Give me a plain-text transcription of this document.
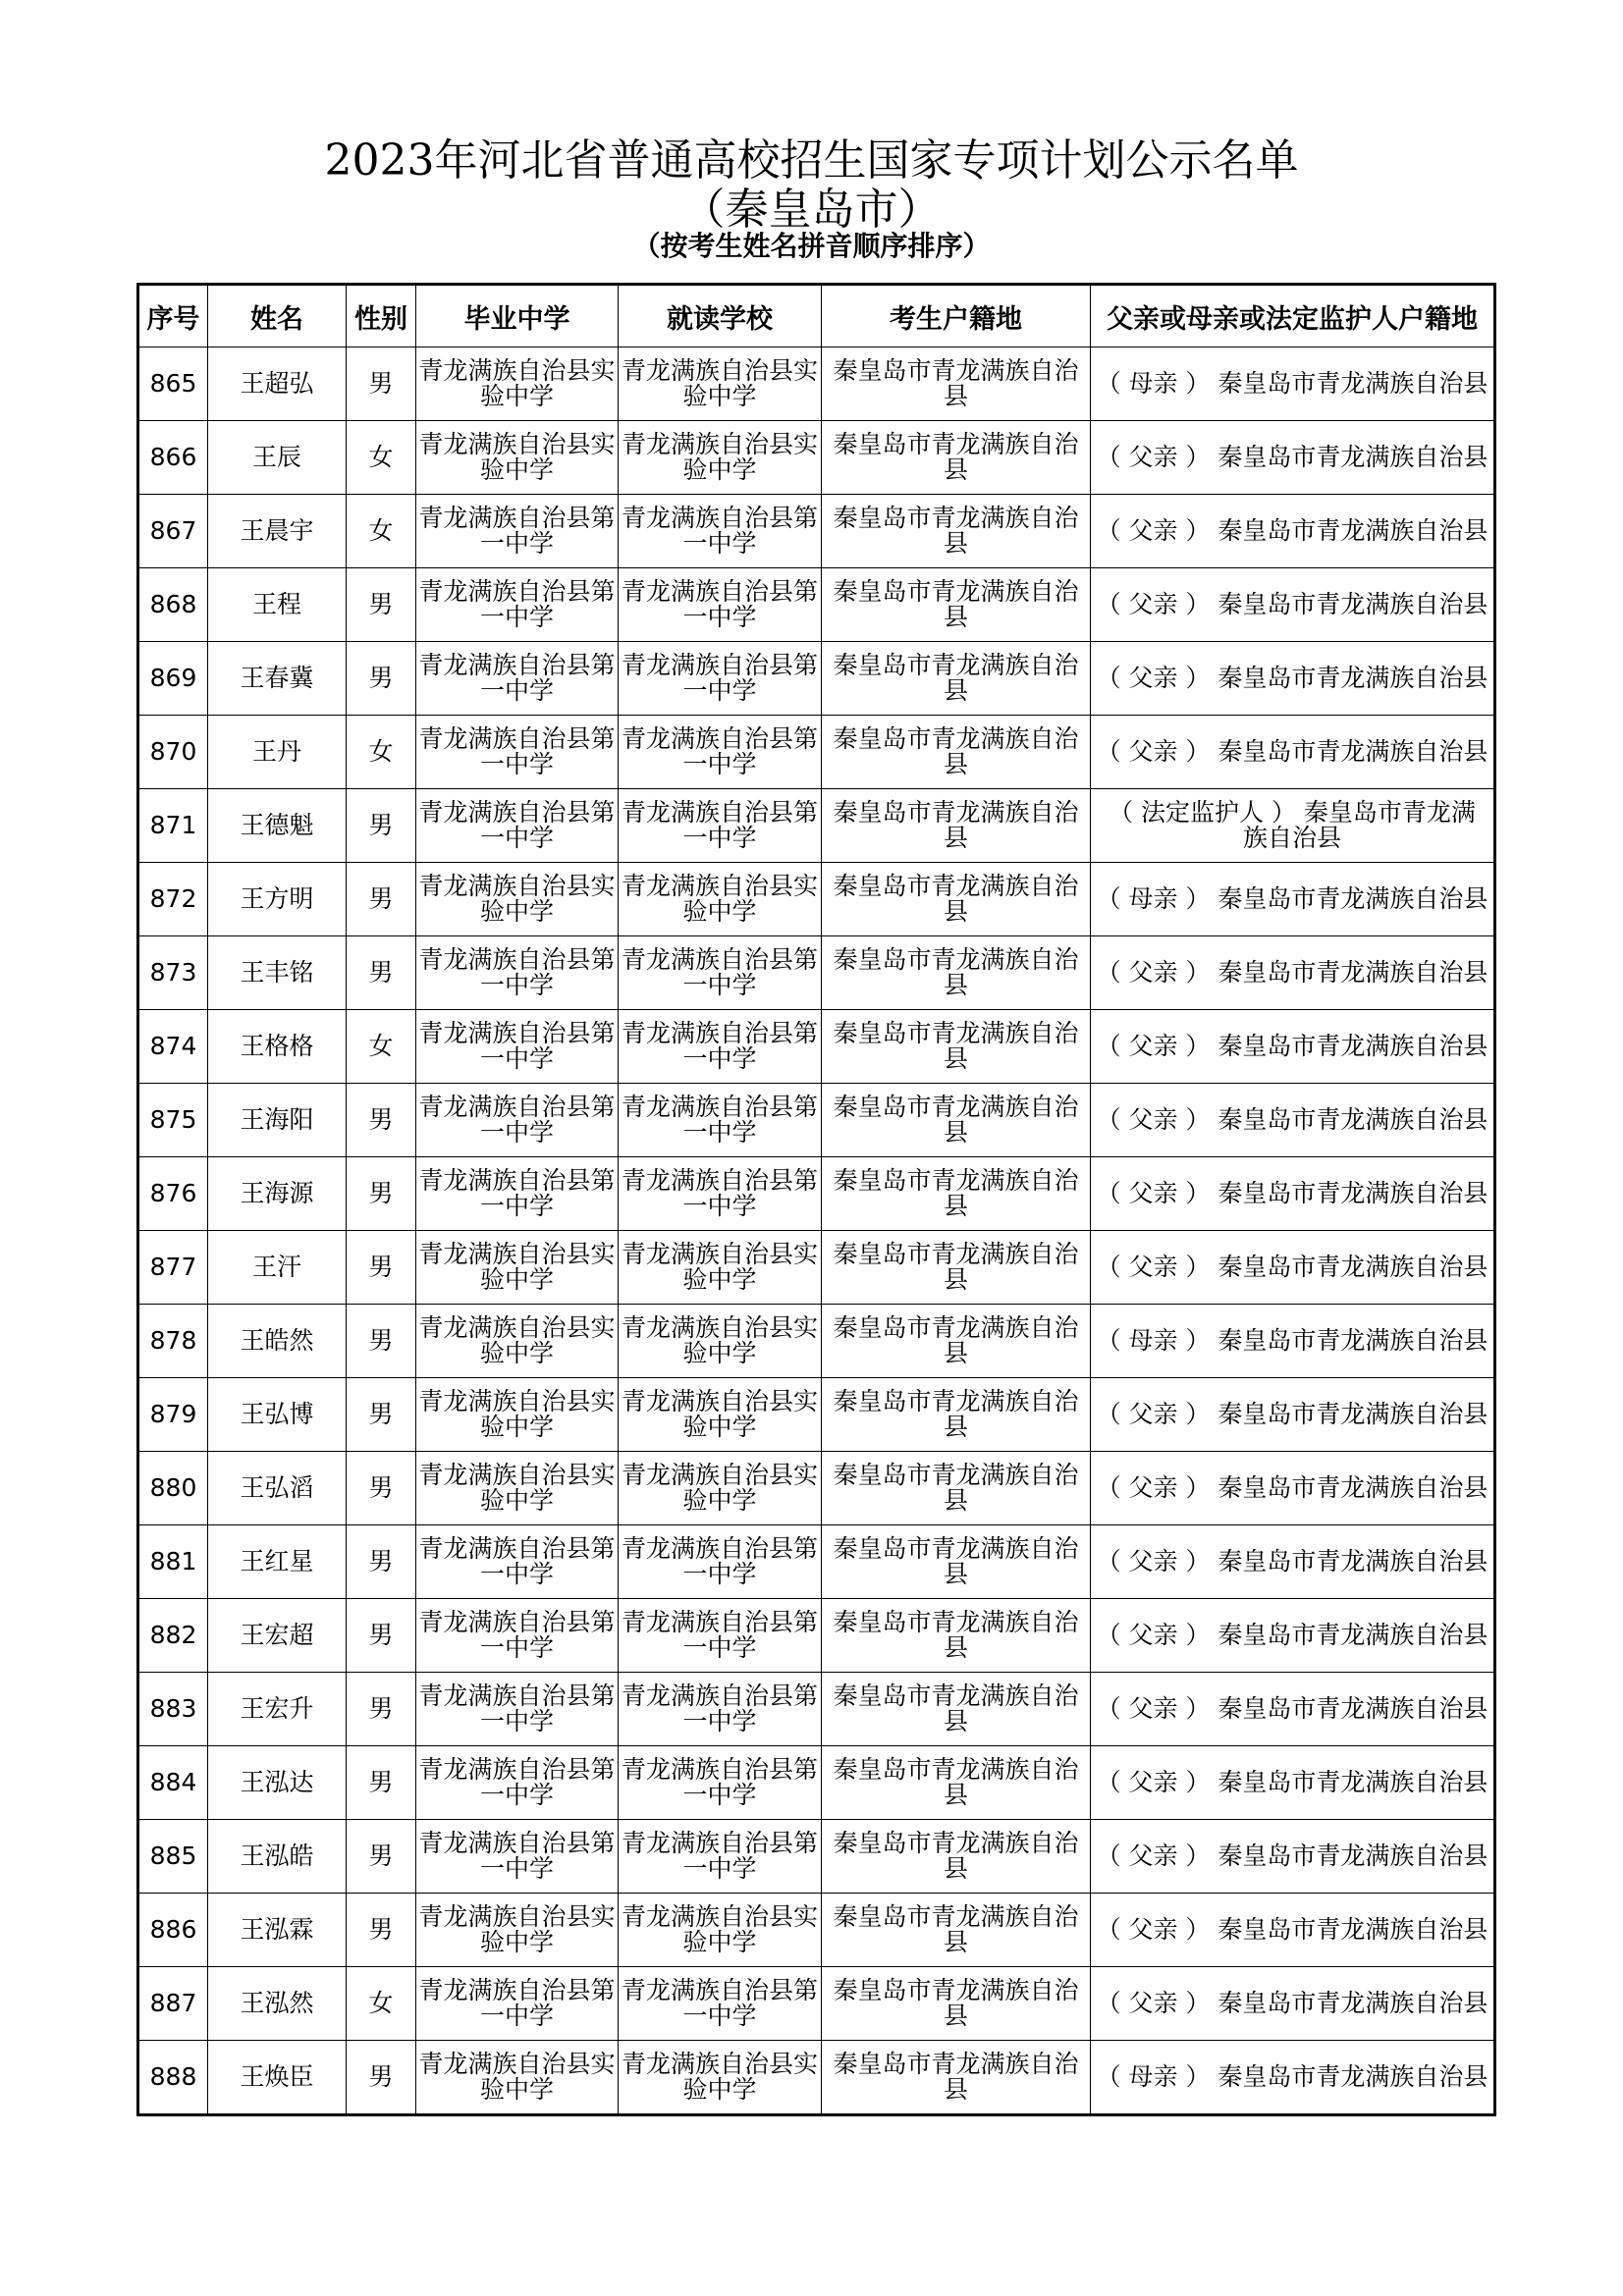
2023年河北省普通高校招生国家专项计划公示名单
（秦皇岛市）
（按考生姓名拼音顺序排序）
序号	姓名	性别	毕业中学	就读学校	考生户籍地	父亲或母亲或法定监护人户籍地
865	王超弘	男	青龙满族自治县实验中学	青龙满族自治县实验中学	秦皇岛市青龙满族自治县	（ 母亲 ） 秦皇岛市青龙满族自治县
866	王辰	女	青龙满族自治县实验中学	青龙满族自治县实验中学	秦皇岛市青龙满族自治县	（ 父亲 ） 秦皇岛市青龙满族自治县
867	王晨宇	女	青龙满族自治县第一中学	青龙满族自治县第一中学	秦皇岛市青龙满族自治县	（ 父亲 ） 秦皇岛市青龙满族自治县
868	王程	男	青龙满族自治县第一中学	青龙满族自治县第一中学	秦皇岛市青龙满族自治县	（ 父亲 ） 秦皇岛市青龙满族自治县
869	王春冀	男	青龙满族自治县第一中学	青龙满族自治县第一中学	秦皇岛市青龙满族自治县	（ 父亲 ） 秦皇岛市青龙满族自治县
870	王丹	女	青龙满族自治县第一中学	青龙满族自治县第一中学	秦皇岛市青龙满族自治县	（ 父亲 ） 秦皇岛市青龙满族自治县
871	王德魁	男	青龙满族自治县第一中学	青龙满族自治县第一中学	秦皇岛市青龙满族自治县	（ 法定监护人 ） 秦皇岛市青龙满族自治县
872	王方明	男	青龙满族自治县实验中学	青龙满族自治县实验中学	秦皇岛市青龙满族自治县	（ 母亲 ） 秦皇岛市青龙满族自治县
873	王丰铭	男	青龙满族自治县第一中学	青龙满族自治县第一中学	秦皇岛市青龙满族自治县	（ 父亲 ） 秦皇岛市青龙满族自治县
874	王格格	女	青龙满族自治县第一中学	青龙满族自治县第一中学	秦皇岛市青龙满族自治县	（ 父亲 ） 秦皇岛市青龙满族自治县
875	王海阳	男	青龙满族自治县第一中学	青龙满族自治县第一中学	秦皇岛市青龙满族自治县	（ 父亲 ） 秦皇岛市青龙满族自治县
876	王海源	男	青龙满族自治县第一中学	青龙满族自治县第一中学	秦皇岛市青龙满族自治县	（ 父亲 ） 秦皇岛市青龙满族自治县
877	王汗	男	青龙满族自治县实验中学	青龙满族自治县实验中学	秦皇岛市青龙满族自治县	（ 父亲 ） 秦皇岛市青龙满族自治县
878	王皓然	男	青龙满族自治县实验中学	青龙满族自治县实验中学	秦皇岛市青龙满族自治县	（ 母亲 ） 秦皇岛市青龙满族自治县
879	王弘博	男	青龙满族自治县实验中学	青龙满族自治县实验中学	秦皇岛市青龙满族自治县	（ 父亲 ） 秦皇岛市青龙满族自治县
880	王弘滔	男	青龙满族自治县实验中学	青龙满族自治县实验中学	秦皇岛市青龙满族自治县	（ 父亲 ） 秦皇岛市青龙满族自治县
881	王红星	男	青龙满族自治县第一中学	青龙满族自治县第一中学	秦皇岛市青龙满族自治县	（ 父亲 ） 秦皇岛市青龙满族自治县
882	王宏超	男	青龙满族自治县第一中学	青龙满族自治县第一中学	秦皇岛市青龙满族自治县	（ 父亲 ） 秦皇岛市青龙满族自治县
883	王宏升	男	青龙满族自治县第一中学	青龙满族自治县第一中学	秦皇岛市青龙满族自治县	（ 父亲 ） 秦皇岛市青龙满族自治县
884	王泓达	男	青龙满族自治县第一中学	青龙满族自治县第一中学	秦皇岛市青龙满族自治县	（ 父亲 ） 秦皇岛市青龙满族自治县
885	王泓皓	男	青龙满族自治县第一中学	青龙满族自治县第一中学	秦皇岛市青龙满族自治县	（ 父亲 ） 秦皇岛市青龙满族自治县
886	王泓霖	男	青龙满族自治县实验中学	青龙满族自治县实验中学	秦皇岛市青龙满族自治县	（ 父亲 ） 秦皇岛市青龙满族自治县
887	王泓然	女	青龙满族自治县第一中学	青龙满族自治县第一中学	秦皇岛市青龙满族自治县	（ 父亲 ） 秦皇岛市青龙满族自治县
888	王焕臣	男	青龙满族自治县实验中学	青龙满族自治县实验中学	秦皇岛市青龙满族自治县	（ 母亲 ） 秦皇岛市青龙满族自治县
